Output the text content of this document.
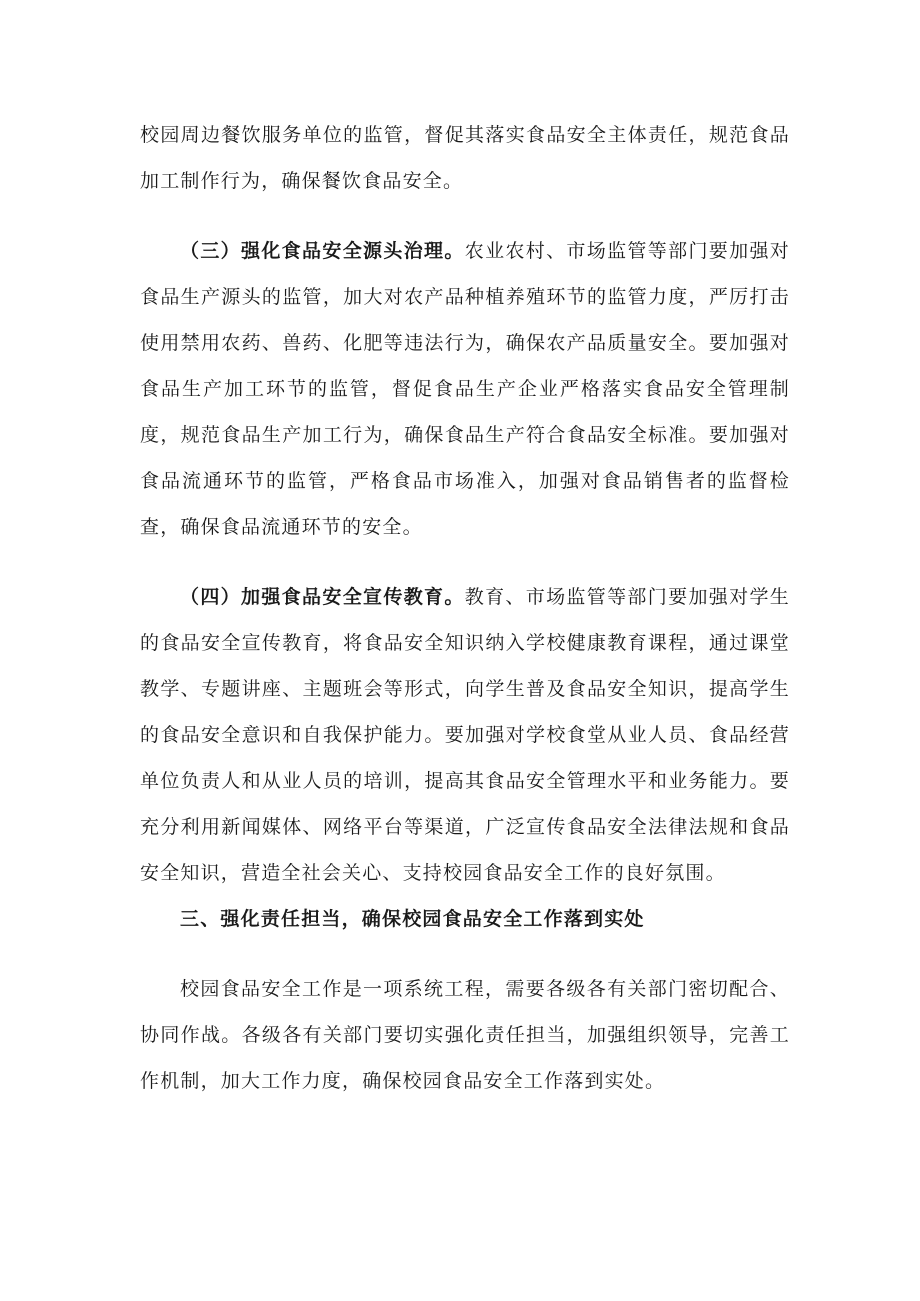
校园周边餐饮服务单位的监管，督促其落实食品安全主体责任，规范食品加工制作行为，确保餐饮食品安全。

（三）强化食品安全源头治理。农业农村、市场监管等部门要加强对食品生产源头的监管，加大对农产品种植养殖环节的监管力度，严厉打击使用禁用农药、兽药、化肥等违法行为，确保农产品质量安全。要加强对食品生产加工环节的监管，督促食品生产企业严格落实食品安全管理制度，规范食品生产加工行为，确保食品生产符合食品安全标准。要加强对食品流通环节的监管，严格食品市场准入，加强对食品销售者的监督检查，确保食品流通环节的安全。

（四）加强食品安全宣传教育。教育、市场监管等部门要加强对学生的食品安全宣传教育，将食品安全知识纳入学校健康教育课程，通过课堂教学、专题讲座、主题班会等形式，向学生普及食品安全知识，提高学生的食品安全意识和自我保护能力。要加强对学校食堂从业人员、食品经营单位负责人和从业人员的培训，提高其食品安全管理水平和业务能力。要充分利用新闻媒体、网络平台等渠道，广泛宣传食品安全法律法规和食品安全知识，营造全社会关心、支持校园食品安全工作的良好氛围。

三、强化责任担当，确保校园食品安全工作落到实处

校园食品安全工作是一项系统工程，需要各级各有关部门密切配合、协同作战。各级各有关部门要切实强化责任担当，加强组织领导，完善工作机制，加大工作力度，确保校园食品安全工作落到实处。
